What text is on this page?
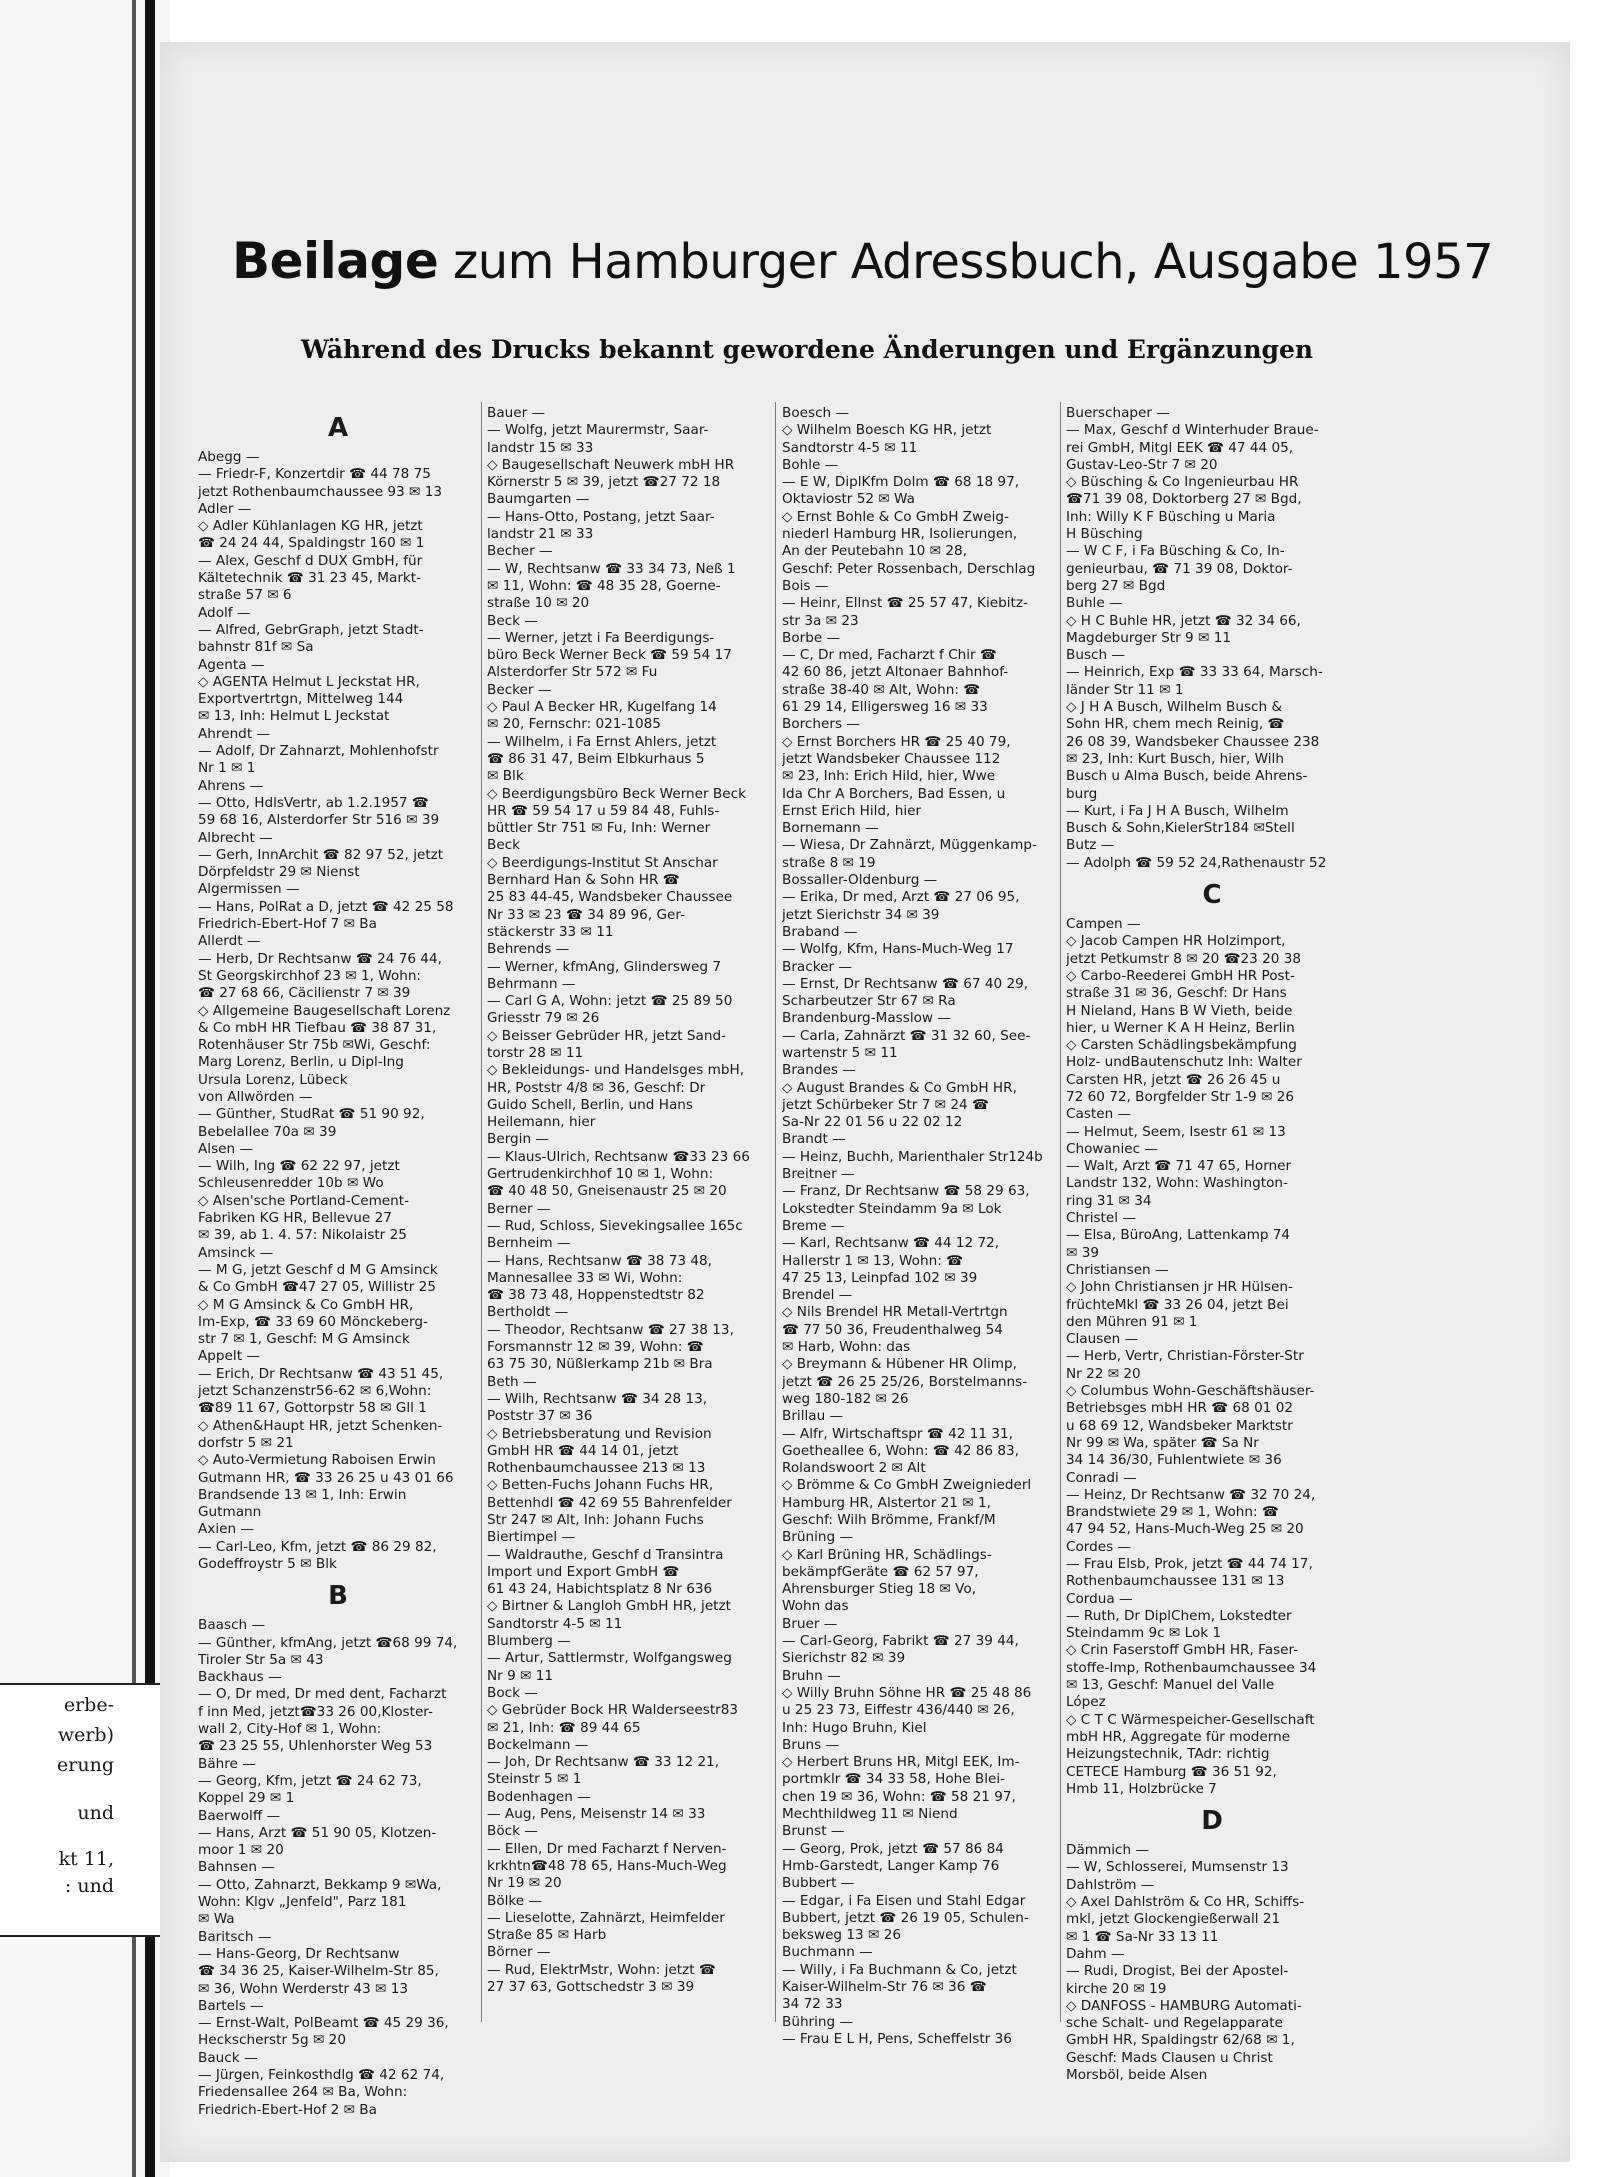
erbe-
werb)
erung
und
kt 11,
: und
Beilage zum Hamburger Adressbuch, Ausgabe 1957
Während des Drucks bekannt gewordene Änderungen und Ergänzungen

A

Abegg —

— Friedr-F, Konzertdir ☎ 44 78 75

jetzt Rothenbaumchaussee 93 ✉ 13

Adler —

◇ Adler Kühlanlagen KG HR, jetzt

☎ 24 24 44, Spaldingstr 160 ✉ 1

— Alex, Geschf d DUX GmbH, für

Kältetechnik ☎ 31 23 45, Markt-

straße 57 ✉ 6

Adolf —

— Alfred, GebrGraph, jetzt Stadt-

bahnstr 81f ✉ Sa

Agenta —

◇ AGENTA Helmut L Jeckstat HR,

Exportvertrtgn, Mittelweg 144

✉ 13, Inh: Helmut L Jeckstat

Ahrendt —

— Adolf, Dr Zahnarzt, Mohlenhofstr

Nr 1 ✉ 1

Ahrens —

— Otto, HdlsVertr, ab 1.2.1957 ☎

59 68 16, Alsterdorfer Str 516 ✉ 39

Albrecht —

— Gerh, InnArchit ☎ 82 97 52, jetzt

Dörpfeldstr 29 ✉ Nienst

Algermissen —

— Hans, PolRat a D, jetzt ☎ 42 25 58

Friedrich-Ebert-Hof 7 ✉ Ba

Allerdt —

— Herb, Dr Rechtsanw ☎ 24 76 44,

St Georgskirchhof 23 ✉ 1, Wohn:

☎ 27 68 66, Cäcilienstr 7 ✉ 39

◇ Allgemeine Baugesellschaft Lorenz

& Co mbH HR Tiefbau ☎ 38 87 31,

Rotenhäuser Str 75b ✉Wi, Geschf:

Marg Lorenz, Berlin, u Dipl-Ing

Ursula Lorenz, Lübeck

von Allwörden —

— Günther, StudRat ☎ 51 90 92,

Bebelallee 70a ✉ 39

Alsen —

— Wilh, Ing ☎ 62 22 97, jetzt

Schleusenredder 10b ✉ Wo

◇ Alsen'sche Portland-Cement-

Fabriken KG HR, Bellevue 27

✉ 39, ab 1. 4. 57: Nikolaistr 25

Amsinck —

— M G, jetzt Geschf d M G Amsinck

& Co GmbH ☎47 27 05, Willistr 25

◇ M G Amsinck & Co GmbH HR,

Im-Exp, ☎ 33 69 60 Mönckeberg-

str 7 ✉ 1, Geschf: M G Amsinck

Appelt —

— Erich, Dr Rechtsanw ☎ 43 51 45,

jetzt Schanzenstr56-62 ✉ 6,Wohn:

☎89 11 67, Gottorpstr 58 ✉ Gll 1

◇ Athen&Haupt HR, jetzt Schenken-

dorfstr 5 ✉ 21

◇ Auto-Vermietung Raboisen Erwin

Gutmann HR, ☎ 33 26 25 u 43 01 66

Brandsende 13 ✉ 1, Inh: Erwin

Gutmann

Axien —

— Carl-Leo, Kfm, jetzt ☎ 86 29 82,

Godeffroystr 5 ✉ Blk

B

Baasch —

— Günther, kfmAng, jetzt ☎68 99 74,

Tiroler Str 5a ✉ 43

Backhaus —

— O, Dr med, Dr med dent, Facharzt

f inn Med, jetzt☎33 26 00,Kloster-

wall 2, City-Hof ✉ 1, Wohn:

☎ 23 25 55, Uhlenhorster Weg 53

Bähre —

— Georg, Kfm, jetzt ☎ 24 62 73,

Koppel 29 ✉ 1

Baerwolff —

— Hans, Arzt ☎ 51 90 05, Klotzen-

moor 1 ✉ 20

Bahnsen —

— Otto, Zahnarzt, Bekkamp 9 ✉Wa,

Wohn: Klgv „Jenfeld", Parz 181

✉ Wa

Baritsch —

— Hans-Georg, Dr Rechtsanw

☎ 34 36 25, Kaiser-Wilhelm-Str 85,

✉ 36, Wohn Werderstr 43 ✉ 13

Bartels —

— Ernst-Walt, PolBeamt ☎ 45 29 36,

Heckscherstr 5g ✉ 20

Bauck —

— Jürgen, Feinkosthdlg ☎ 42 62 74,

Friedensallee 264 ✉ Ba, Wohn:

Friedrich-Ebert-Hof 2 ✉ Ba

Bauer —

— Wolfg, jetzt Maurermstr, Saar-

landstr 15 ✉ 33

◇ Baugesellschaft Neuwerk mbH HR

Körnerstr 5 ✉ 39, jetzt ☎27 72 18

Baumgarten —

— Hans-Otto, Postang, jetzt Saar-

landstr 21 ✉ 33

Becher —

— W, Rechtsanw ☎ 33 34 73, Neß 1

✉ 11, Wohn: ☎ 48 35 28, Goerne-

straße 10 ✉ 20

Beck —

— Werner, jetzt i Fa Beerdigungs-

büro Beck Werner Beck ☎ 59 54 17

Alsterdorfer Str 572 ✉ Fu

Becker —

◇ Paul A Becker HR, Kugelfang 14

✉ 20, Fernschr: 021-1085

— Wilhelm, i Fa Ernst Ahlers, jetzt

☎ 86 31 47, Beim Elbkurhaus 5

✉ Blk

◇ Beerdigungsbüro Beck Werner Beck

HR ☎ 59 54 17 u 59 84 48, Fuhls-

büttler Str 751 ✉ Fu, Inh: Werner

Beck

◇ Beerdigungs-Institut St Anschar

Bernhard Han & Sohn HR ☎

25 83 44-45, Wandsbeker Chaussee

Nr 33 ✉ 23 ☎ 34 89 96, Ger-

stäckerstr 33 ✉ 11

Behrends —

— Werner, kfmAng, Glindersweg 7

Behrmann —

— Carl G A, Wohn: jetzt ☎ 25 89 50

Griesstr 79 ✉ 26

◇ Beisser Gebrüder HR, jetzt Sand-

torstr 28 ✉ 11

◇ Bekleidungs- und Handelsges mbH,

HR, Poststr 4/8 ✉ 36, Geschf: Dr

Guido Schell, Berlin, und Hans

Heilemann, hier

Bergin —

— Klaus-Ulrich, Rechtsanw ☎33 23 66

Gertrudenkirchhof 10 ✉ 1, Wohn:

☎ 40 48 50, Gneisenaustr 25 ✉ 20

Berner —

— Rud, Schloss, Sievekingsallee 165c

Bernheim —

— Hans, Rechtsanw ☎ 38 73 48,

Mannesallee 33 ✉ Wi, Wohn:

☎ 38 73 48, Hoppenstedtstr 82

Bertholdt —

— Theodor, Rechtsanw ☎ 27 38 13,

Forsmannstr 12 ✉ 39, Wohn: ☎

63 75 30, Nüßlerkamp 21b ✉ Bra

Beth —

— Wilh, Rechtsanw ☎ 34 28 13,

Poststr 37 ✉ 36

◇ Betriebsberatung und Revision

GmbH HR ☎ 44 14 01, jetzt

Rothenbaumchaussee 213 ✉ 13

◇ Betten-Fuchs Johann Fuchs HR,

Bettenhdl ☎ 42 69 55 Bahrenfelder

Str 247 ✉ Alt, Inh: Johann Fuchs

Biertimpel —

— Waldrauthe, Geschf d Transintra

Import und Export GmbH ☎

61 43 24, Habichtsplatz 8 Nr 636

◇ Birtner & Langloh GmbH HR, jetzt

Sandtorstr 4-5 ✉ 11

Blumberg —

— Artur, Sattlermstr, Wolfgangsweg

Nr 9 ✉ 11

Bock —

◇ Gebrüder Bock HR Walderseestr83

✉ 21, Inh: ☎ 89 44 65

Bockelmann —

— Joh, Dr Rechtsanw ☎ 33 12 21,

Steinstr 5 ✉ 1

Bodenhagen —

— Aug, Pens, Meisenstr 14 ✉ 33

Böck —

— Ellen, Dr med Facharzt f Nerven-

krkhtn☎48 78 65, Hans-Much-Weg

Nr 19 ✉ 20

Bölke —

— Lieselotte, Zahnärzt, Heimfelder

Straße 85 ✉ Harb

Börner —

— Rud, ElektrMstr, Wohn: jetzt ☎

27 37 63, Gottschedstr 3 ✉ 39

Boesch —

◇ Wilhelm Boesch KG HR, jetzt

Sandtorstr 4-5 ✉ 11

Bohle —

— E W, DiplKfm Dolm ☎ 68 18 97,

Oktaviostr 52 ✉ Wa

◇ Ernst Bohle & Co GmbH Zweig-

niederl Hamburg HR, Isolierungen,

An der Peutebahn 10 ✉ 28,

Geschf: Peter Rossenbach, Derschlag

Bois —

— Heinr, Ellnst ☎ 25 57 47, Kiebitz-

str 3a ✉ 23

Borbe —

— C, Dr med, Facharzt f Chir ☎

42 60 86, jetzt Altonaer Bahnhof-

straße 38-40 ✉ Alt, Wohn: ☎

61 29 14, Elligersweg 16 ✉ 33

Borchers —

◇ Ernst Borchers HR ☎ 25 40 79,

jetzt Wandsbeker Chaussee 112

✉ 23, Inh: Erich Hild, hier, Wwe

Ida Chr A Borchers, Bad Essen, u

Ernst Erich Hild, hier

Bornemann —

— Wiesa, Dr Zahnärzt, Müggenkamp-

straße 8 ✉ 19

Bossaller-Oldenburg —

— Erika, Dr med, Arzt ☎ 27 06 95,

jetzt Sierichstr 34 ✉ 39

Braband —

— Wolfg, Kfm, Hans-Much-Weg 17

Bracker —

— Ernst, Dr Rechtsanw ☎ 67 40 29,

Scharbeutzer Str 67 ✉ Ra

Brandenburg-Masslow —

— Carla, Zahnärzt ☎ 31 32 60, See-

wartenstr 5 ✉ 11

Brandes —

◇ August Brandes & Co GmbH HR,

jetzt Schürbeker Str 7 ✉ 24 ☎

Sa-Nr 22 01 56 u 22 02 12

Brandt —

— Heinz, Buchh, Marienthaler Str124b

Breitner —

— Franz, Dr Rechtsanw ☎ 58 29 63,

Lokstedter Steindamm 9a ✉ Lok

Breme —

— Karl, Rechtsanw ☎ 44 12 72,

Hallerstr 1 ✉ 13, Wohn: ☎

47 25 13, Leinpfad 102 ✉ 39

Brendel —

◇ Nils Brendel HR Metall-Vertrtgn

☎ 77 50 36, Freudenthalweg 54

✉ Harb, Wohn: das

◇ Breymann & Hübener HR Olimp,

jetzt ☎ 26 25 25/26, Borstelmanns-

weg 180-182 ✉ 26

Brillau —

— Alfr, Wirtschaftspr ☎ 42 11 31,

Goetheallee 6, Wohn: ☎ 42 86 83,

Rolandswoort 2 ✉ Alt

◇ Brömme & Co GmbH Zweigniederl

Hamburg HR, Alstertor 21 ✉ 1,

Geschf: Wilh Brömme, Frankf/M

Brüning —

◇ Karl Brüning HR, Schädlings-

bekämpfGeräte ☎ 62 57 97,

Ahrensburger Stieg 18 ✉ Vo,

Wohn das

Bruer —

— Carl-Georg, Fabrikt ☎ 27 39 44,

Sierichstr 82 ✉ 39

Bruhn —

◇ Willy Bruhn Söhne HR ☎ 25 48 86

u 25 23 73, Eiffestr 436/440 ✉ 26,

Inh: Hugo Bruhn, Kiel

Bruns —

◇ Herbert Bruns HR, Mitgl EEK, Im-

portmklr ☎ 34 33 58, Hohe Blei-

chen 19 ✉ 36, Wohn: ☎ 58 21 97,

Mechthildweg 11 ✉ Niend

Brunst —

— Georg, Prok, jetzt ☎ 57 86 84

Hmb-Garstedt, Langer Kamp 76

Bubbert —

— Edgar, i Fa Eisen und Stahl Edgar

Bubbert, jetzt ☎ 26 19 05, Schulen-

beksweg 13 ✉ 26

Buchmann —

— Willy, i Fa Buchmann & Co, jetzt

Kaiser-Wilhelm-Str 76 ✉ 36 ☎

34 72 33

Bühring —

— Frau E L H, Pens, Scheffelstr 36

Buerschaper —

— Max, Geschf d Winterhuder Braue-

rei GmbH, Mitgl EEK ☎ 47 44 05,

Gustav-Leo-Str 7 ✉ 20

◇ Büsching & Co Ingenieurbau HR

☎71 39 08, Doktorberg 27 ✉ Bgd,

Inh: Willy K F Büsching u Maria

H Büsching

— W C F, i Fa Büsching & Co, In-

genieurbau, ☎ 71 39 08, Doktor-

berg 27 ✉ Bgd

Buhle —

◇ H C Buhle HR, jetzt ☎ 32 34 66,

Magdeburger Str 9 ✉ 11

Busch —

— Heinrich, Exp ☎ 33 33 64, Marsch-

länder Str 11 ✉ 1

◇ J H A Busch, Wilhelm Busch &

Sohn HR, chem mech Reinig, ☎

26 08 39, Wandsbeker Chaussee 238

✉ 23, Inh: Kurt Busch, hier, Wilh

Busch u Alma Busch, beide Ahrens-

burg

— Kurt, i Fa J H A Busch, Wilhelm

Busch & Sohn,KielerStr184 ✉Stell

Butz —

— Adolph ☎ 59 52 24,Rathenaustr 52

C

Campen —

◇ Jacob Campen HR Holzimport,

jetzt Petkumstr 8 ✉ 20 ☎23 20 38

◇ Carbo-Reederei GmbH HR Post-

straße 31 ✉ 36, Geschf: Dr Hans

H Nieland, Hans B W Vieth, beide

hier, u Werner K A H Heinz, Berlin

◇ Carsten Schädlingsbekämpfung

Holz- undBautenschutz Inh: Walter

Carsten HR, jetzt ☎ 26 26 45 u

72 60 72, Borgfelder Str 1-9 ✉ 26

Casten —

— Helmut, Seem, Isestr 61 ✉ 13

Chowaniec —

— Walt, Arzt ☎ 71 47 65, Horner

Landstr 132, Wohn: Washington-

ring 31 ✉ 34

Christel —

— Elsa, BüroAng, Lattenkamp 74

✉ 39

Christiansen —

◇ John Christiansen jr HR Hülsen-

früchteMkl ☎ 33 26 04, jetzt Bei

den Mühren 91 ✉ 1

Clausen —

— Herb, Vertr, Christian-Förster-Str

Nr 22 ✉ 20

◇ Columbus Wohn-Geschäftshäuser-

Betriebsges mbH HR ☎ 68 01 02

u 68 69 12, Wandsbeker Marktstr

Nr 99 ✉ Wa, später ☎ Sa Nr

34 14 36/30, Fuhlentwiete ✉ 36

Conradi —

— Heinz, Dr Rechtsanw ☎ 32 70 24,

Brandstwiete 29 ✉ 1, Wohn: ☎

47 94 52, Hans-Much-Weg 25 ✉ 20

Cordes —

— Frau Elsb, Prok, jetzt ☎ 44 74 17,

Rothenbaumchaussee 131 ✉ 13

Cordua —

— Ruth, Dr DiplChem, Lokstedter

Steindamm 9c ✉ Lok 1

◇ Crin Faserstoff GmbH HR, Faser-

stoffe-Imp, Rothenbaumchaussee 34

✉ 13, Geschf: Manuel del Valle

López

◇ C T C Wärmespeicher-Gesellschaft

mbH HR, Aggregate für moderne

Heizungstechnik, TAdr: richtig

CETECE Hamburg ☎ 36 51 92,

Hmb 11, Holzbrücke 7

D

Dämmich —

— W, Schlosserei, Mumsenstr 13

Dahlström —

◇ Axel Dahlström & Co HR, Schiffs-

mkl, jetzt Glockengießerwall 21

✉ 1 ☎ Sa-Nr 33 13 11

Dahm —

— Rudi, Drogist, Bei der Apostel-

kirche 20 ✉ 19

◇ DANFOSS - HAMBURG Automati-

sche Schalt- und Regelapparate

GmbH HR, Spaldingstr 62/68 ✉ 1,

Geschf: Mads Clausen u Christ

Morsböl, beide Alsen
